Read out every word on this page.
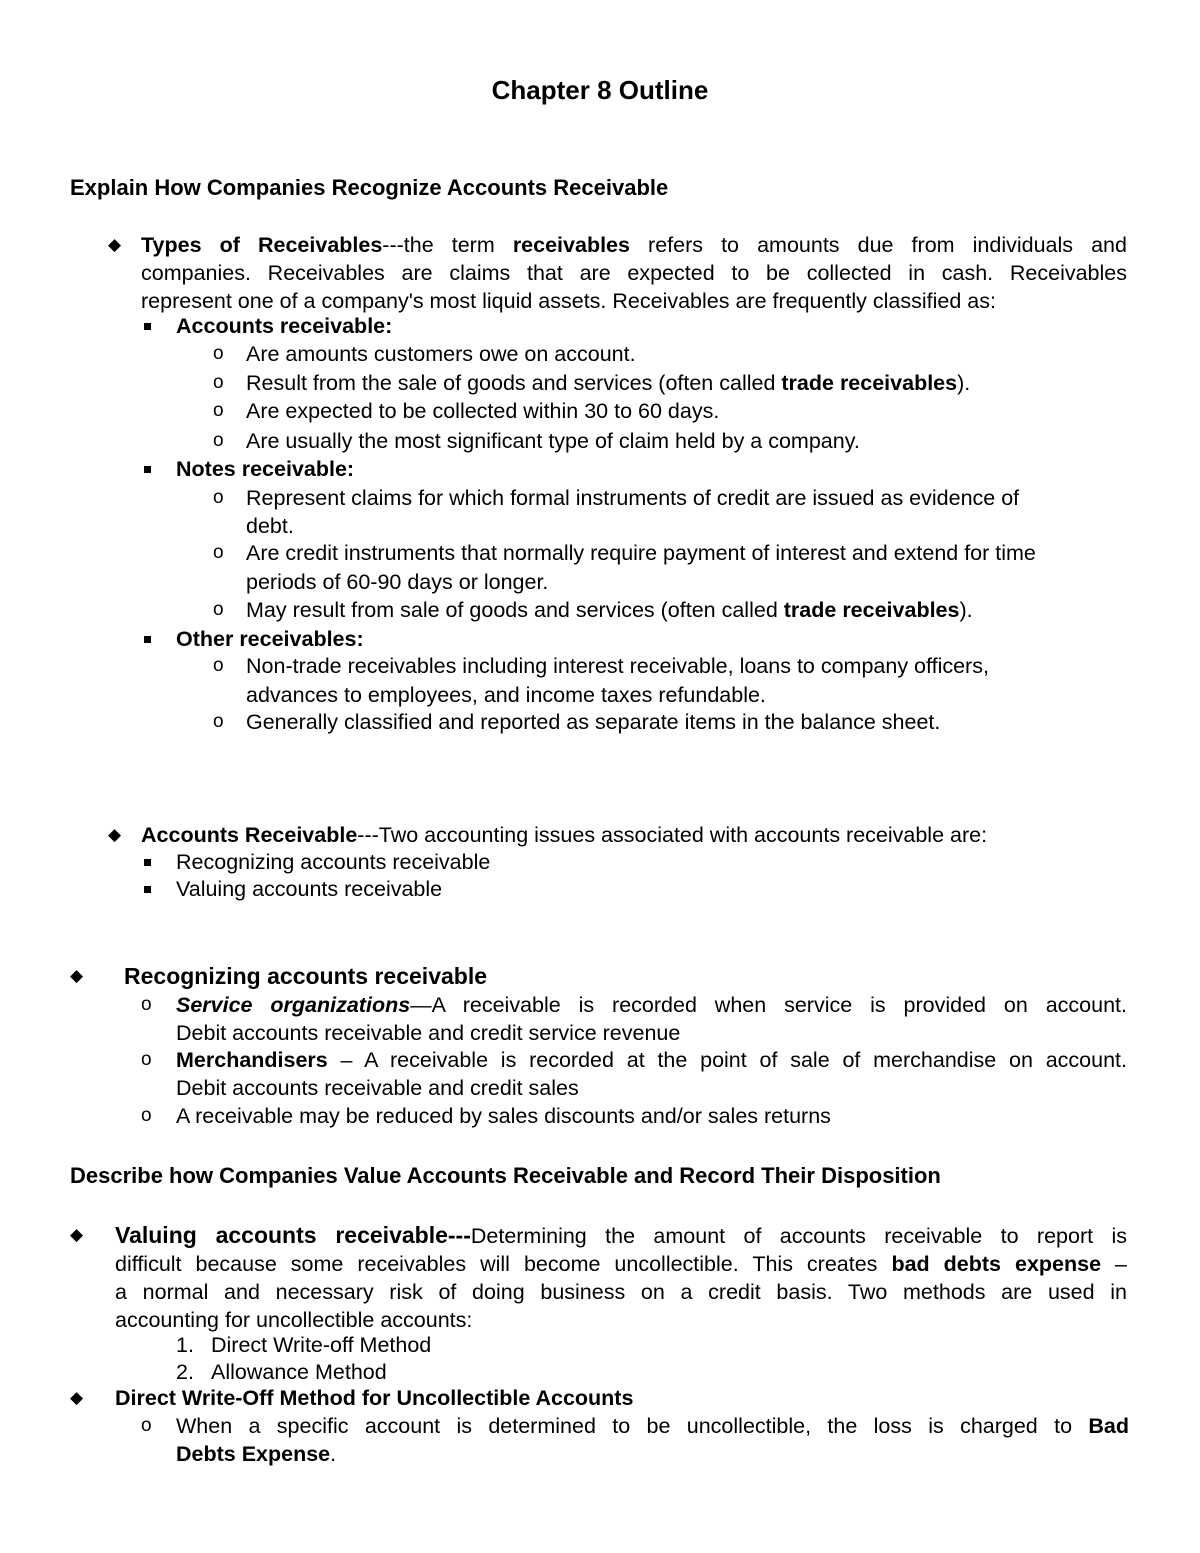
Chapter 8 Outline
Explain How Companies Recognize Accounts Receivable
◆ Types of Receivables---the term receivables refers to amounts due from individuals and
companies. Receivables are claims that are expected to be collected in cash. Receivables
represent one of a company's most liquid assets. Receivables are frequently classified as:
Accounts receivable:
o Are amounts customers owe on account.
o Result from the sale of goods and services (often called trade receivables).
o Are expected to be collected within 30 to 60 days.
o Are usually the most significant type of claim held by a company.
Notes receivable:
o Represent claims for which formal instruments of credit are issued as evidence of
debt.
o Are credit instruments that normally require payment of interest and extend for time
periods of 60-90 days or longer.
o May result from sale of goods and services (often called trade receivables).
Other receivables:
o Non-trade receivables including interest receivable, loans to company officers,
advances to employees, and income taxes refundable.
o Generally classified and reported as separate items in the balance sheet.
◆ Accounts Receivable---Two accounting issues associated with accounts receivable are:
Recognizing accounts receivable
Valuing accounts receivable
◆ Recognizing accounts receivable
o Service organizations—A receivable is recorded when service is provided on account.
Debit accounts receivable and credit service revenue
o Merchandisers – A receivable is recorded at the point of sale of merchandise on account.
Debit accounts receivable and credit sales
o A receivable may be reduced by sales discounts and/or sales returns
Describe how Companies Value Accounts Receivable and Record Their Disposition
◆ Valuing accounts receivable---Determining the amount of accounts receivable to report is
difficult because some receivables will become uncollectible. This creates bad debts expense –
a normal and necessary risk of doing business on a credit basis. Two methods are used in
accounting for uncollectible accounts:
1. Direct Write-off Method
2. Allowance Method
◆ Direct Write-Off Method for Uncollectible Accounts
o When a specific account is determined to be uncollectible, the loss is charged to Bad
Debts Expense.
